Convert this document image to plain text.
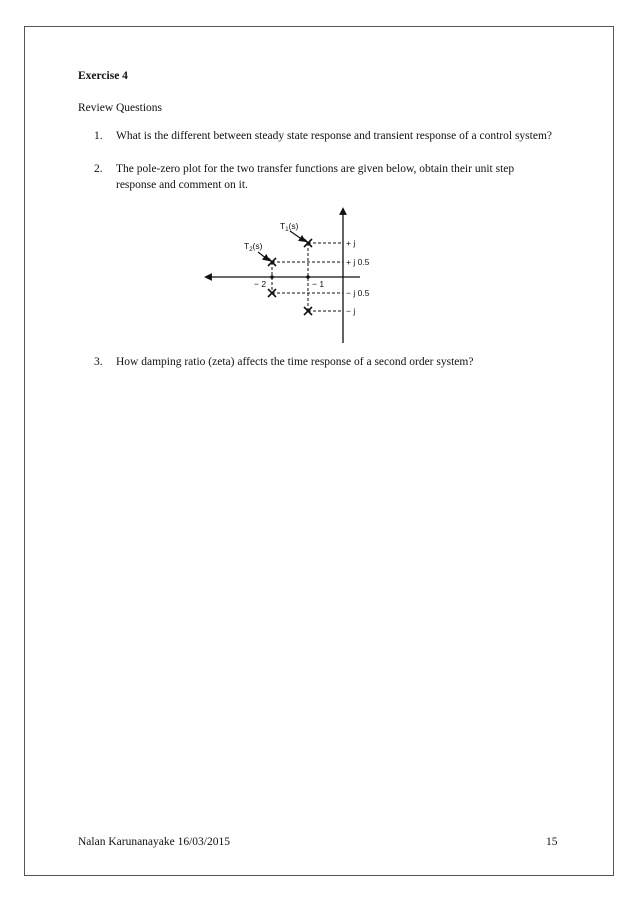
Exercise 4
Review Questions
1. What is the different between steady state response and transient response of a control system?
2. The pole-zero plot for the two transfer functions are given below, obtain their unit step response and comment on it.
$T_1(s)$
$T_2(s)$
− 2	− 1
+ j
+ j 0.5
− j 0.5
− j
3. How damping ratio (zeta) affects the time response of a second order system?
Nalan Karunanayake 16/03/2015	15
